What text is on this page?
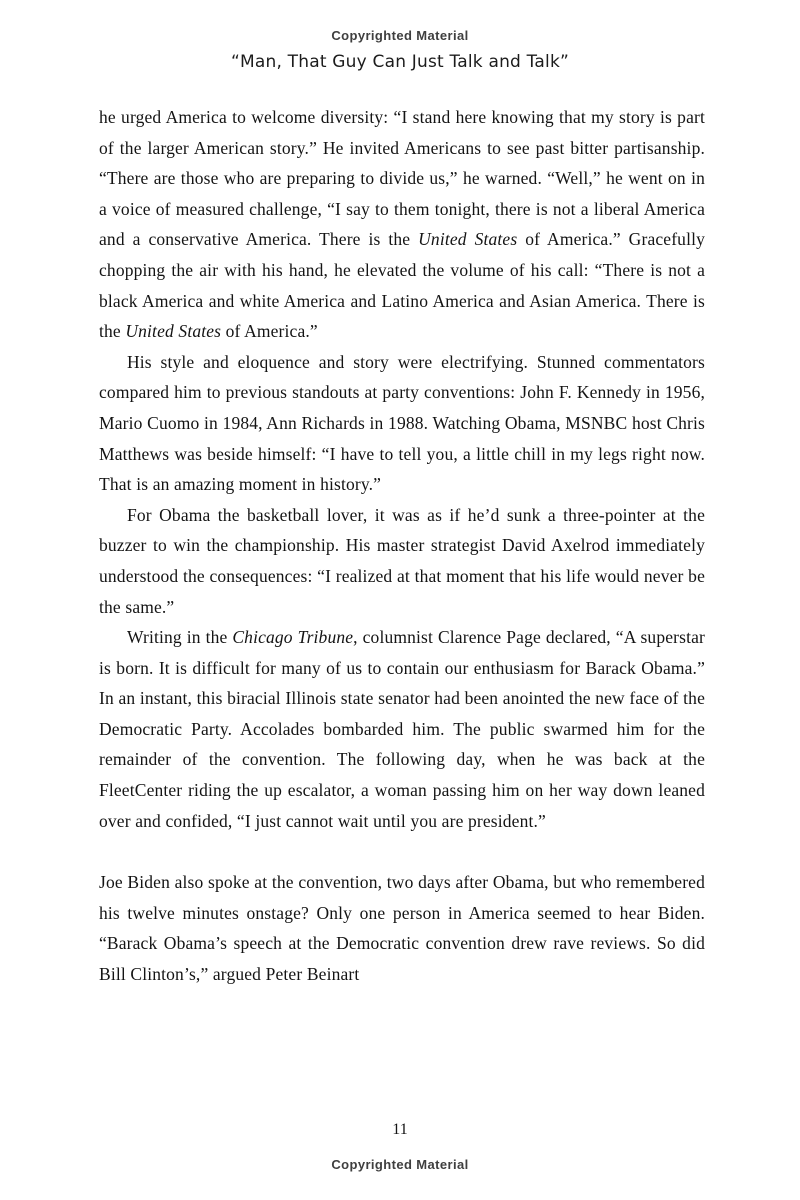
Copyrighted Material
“Man, That Guy Can Just Talk and Talk”

he urged America to welcome diversity: “I stand here knowing that my story is part of the larger American story.” He invited Americans to see past bitter partisanship. “There are those who are preparing to divide us,” he warned. “Well,” he went on in a voice of measured challenge, “I say to them tonight, there is not a liberal America and a conservative America. There is the United States of America.” Gracefully chopping the air with his hand, he elevated the volume of his call: “There is not a black America and white America and Latino America and Asian America. There is the United States of America.”

His style and eloquence and story were electrifying. Stunned commentators compared him to previous standouts at party conventions: John F. Kennedy in 1956, Mario Cuomo in 1984, Ann Richards in 1988. Watching Obama, MSNBC host Chris Matthews was beside himself: “I have to tell you, a little chill in my legs right now. That is an amazing moment in history.”

For Obama the basketball lover, it was as if he’d sunk a three-pointer at the buzzer to win the championship. His master strategist David Axelrod immediately understood the consequences: “I realized at that moment that his life would never be the same.”

Writing in the Chicago Tribune, columnist Clarence Page declared, “A superstar is born. It is difficult for many of us to contain our enthusiasm for Barack Obama.” In an instant, this biracial Illinois state senator had been anointed the new face of the Democratic Party. Accolades bombarded him. The public swarmed him for the remainder of the convention. The following day, when he was back at the FleetCenter riding the up escalator, a woman passing him on her way down leaned over and confided, “I just cannot wait until you are president.”

Joe Biden also spoke at the convention, two days after Obama, but who remembered his twelve minutes onstage? Only one person in America seemed to hear Biden. “Barack Obama’s speech at the Democratic convention drew rave reviews. So did Bill Clinton’s,” argued Peter Beinart

11
Copyrighted Material
